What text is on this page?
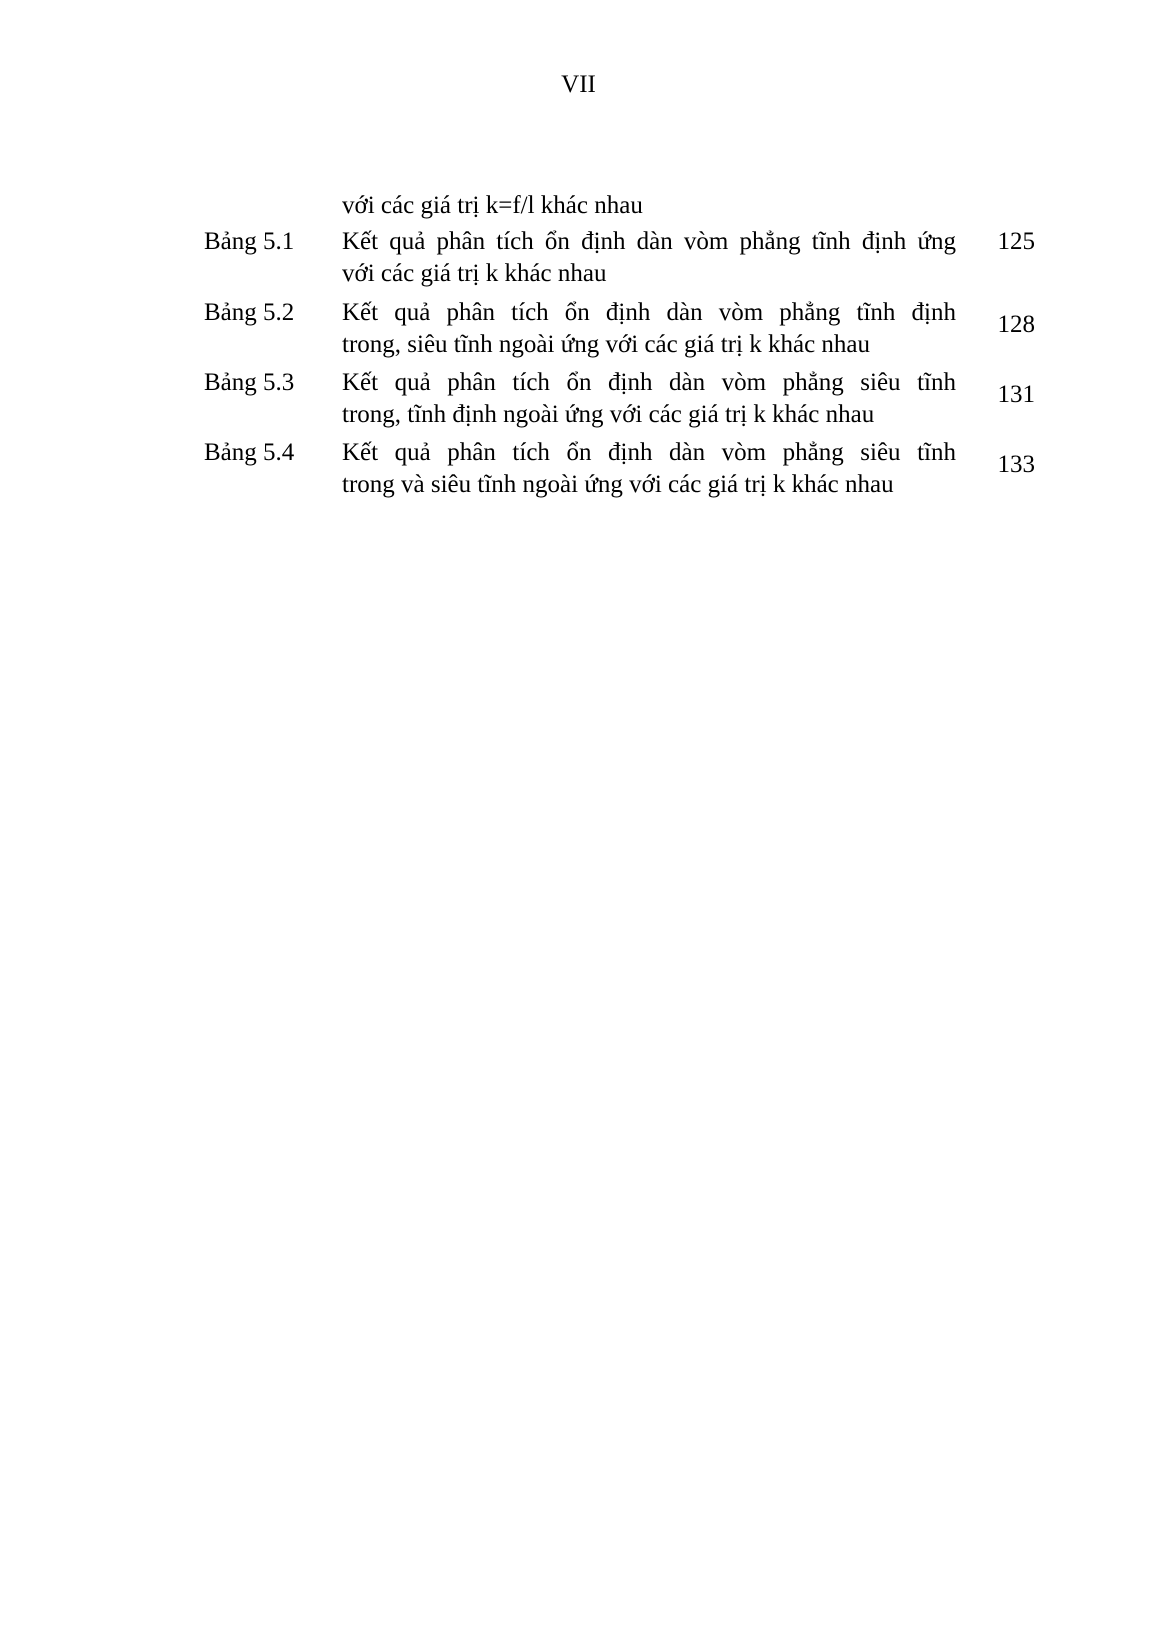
VII
với các giá trị k=f/l khác nhau
Bảng 5.1 Kết quả phân tích ổn định dàn vòm phẳng tĩnh định ứng
với các giá trị k khác nhau
125
Bảng 5.2 Kết quả phân tích ổn định dàn vòm phẳng tĩnh định
trong, siêu tĩnh ngoài ứng với các giá trị k khác nhau
128
Bảng 5.3 Kết quả phân tích ổn định dàn vòm phẳng siêu tĩnh
trong, tĩnh định ngoài ứng với các giá trị k khác nhau
131
Bảng 5.4 Kết quả phân tích ổn định dàn vòm phẳng siêu tĩnh
trong và siêu tĩnh ngoài ứng với các giá trị k khác nhau
133
